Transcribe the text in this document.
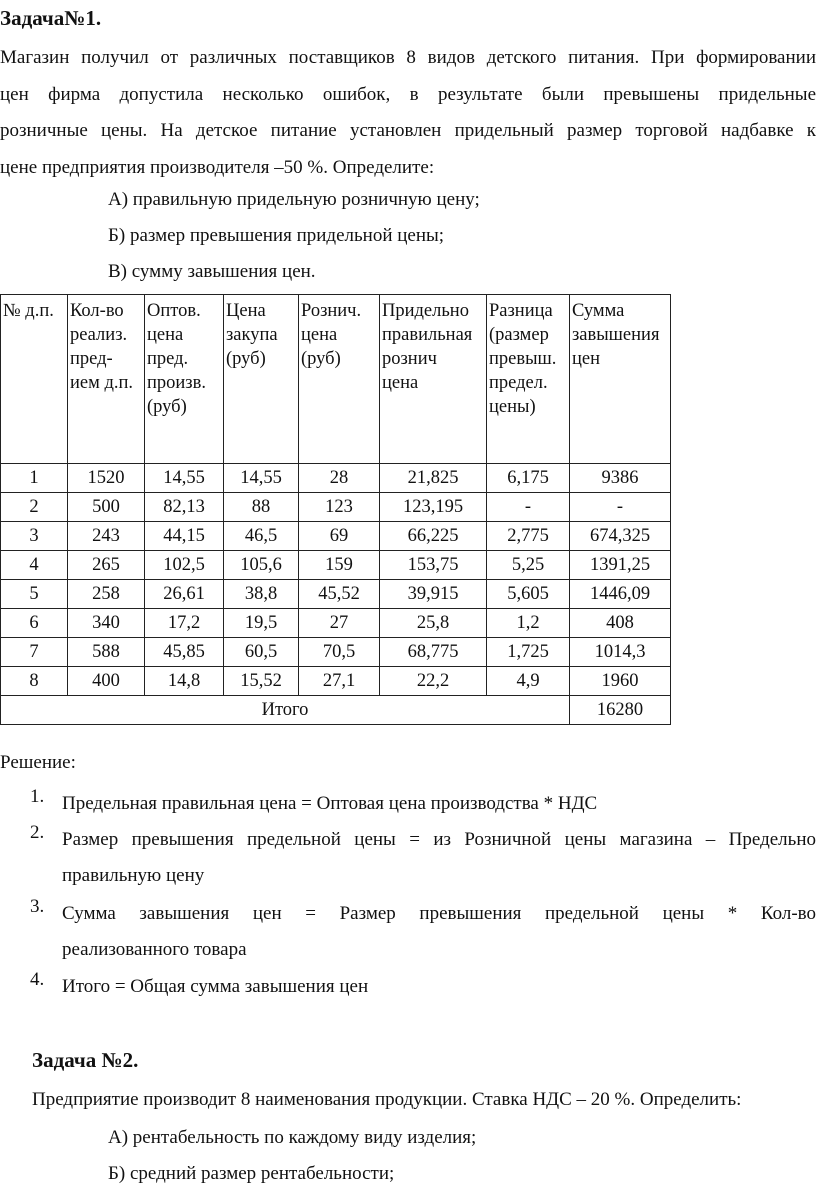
Задача№1.
Магазин получил от различных поставщиков 8 видов детского питания. При формировании
цен фирма допустила несколько ошибок, в результате были превышены придельные
розничные цены. На детское питание установлен придельный размер торговой надбавке к
цене предприятия производителя –50 %. Определите:
А) правильную придельную розничную цену;
Б) размер превышения придельной цены;
В) сумму завышения цен.
№ д.п.	Кол-во
реализ.
пред-
ием д.п.	Оптов.
цена
пред.
произв.
(руб)	Цена
закупа
(руб)	Рознич.
цена
(руб)	Придельно
правильная
рознич
цена	Разница
(размер
превыш.
предел.
цены)	Сумма
завышения
цен
1	1520	14,55	14,55	28	21,825	6,175	9386
2	500	82,13	88	123	123,195	-	-
3	243	44,15	46,5	69	66,225	2,775	674,325
4	265	102,5	105,6	159	153,75	5,25	1391,25
5	258	26,61	38,8	45,52	39,915	5,605	1446,09
6	340	17,2	19,5	27	25,8	1,2	408
7	588	45,85	60,5	70,5	68,775	1,725	1014,3
8	400	14,8	15,52	27,1	22,2	4,9	1960
Итого							16280
Решение:
1. Предельная правильная цена = Оптовая цена производства * НДС
2. Размер превышения предельной цены = из Розничной цены магазина – Предельно
правильную цену
3. Сумма завышения цен = Размер превышения предельной цены * Кол-во
реализованного товара
4. Итого = Общая сумма завышения цен
Задача №2.
Предприятие производит 8 наименования продукции. Ставка НДС – 20 %. Определить:
А) рентабельность по каждому виду изделия;
Б) средний размер рентабельности;
